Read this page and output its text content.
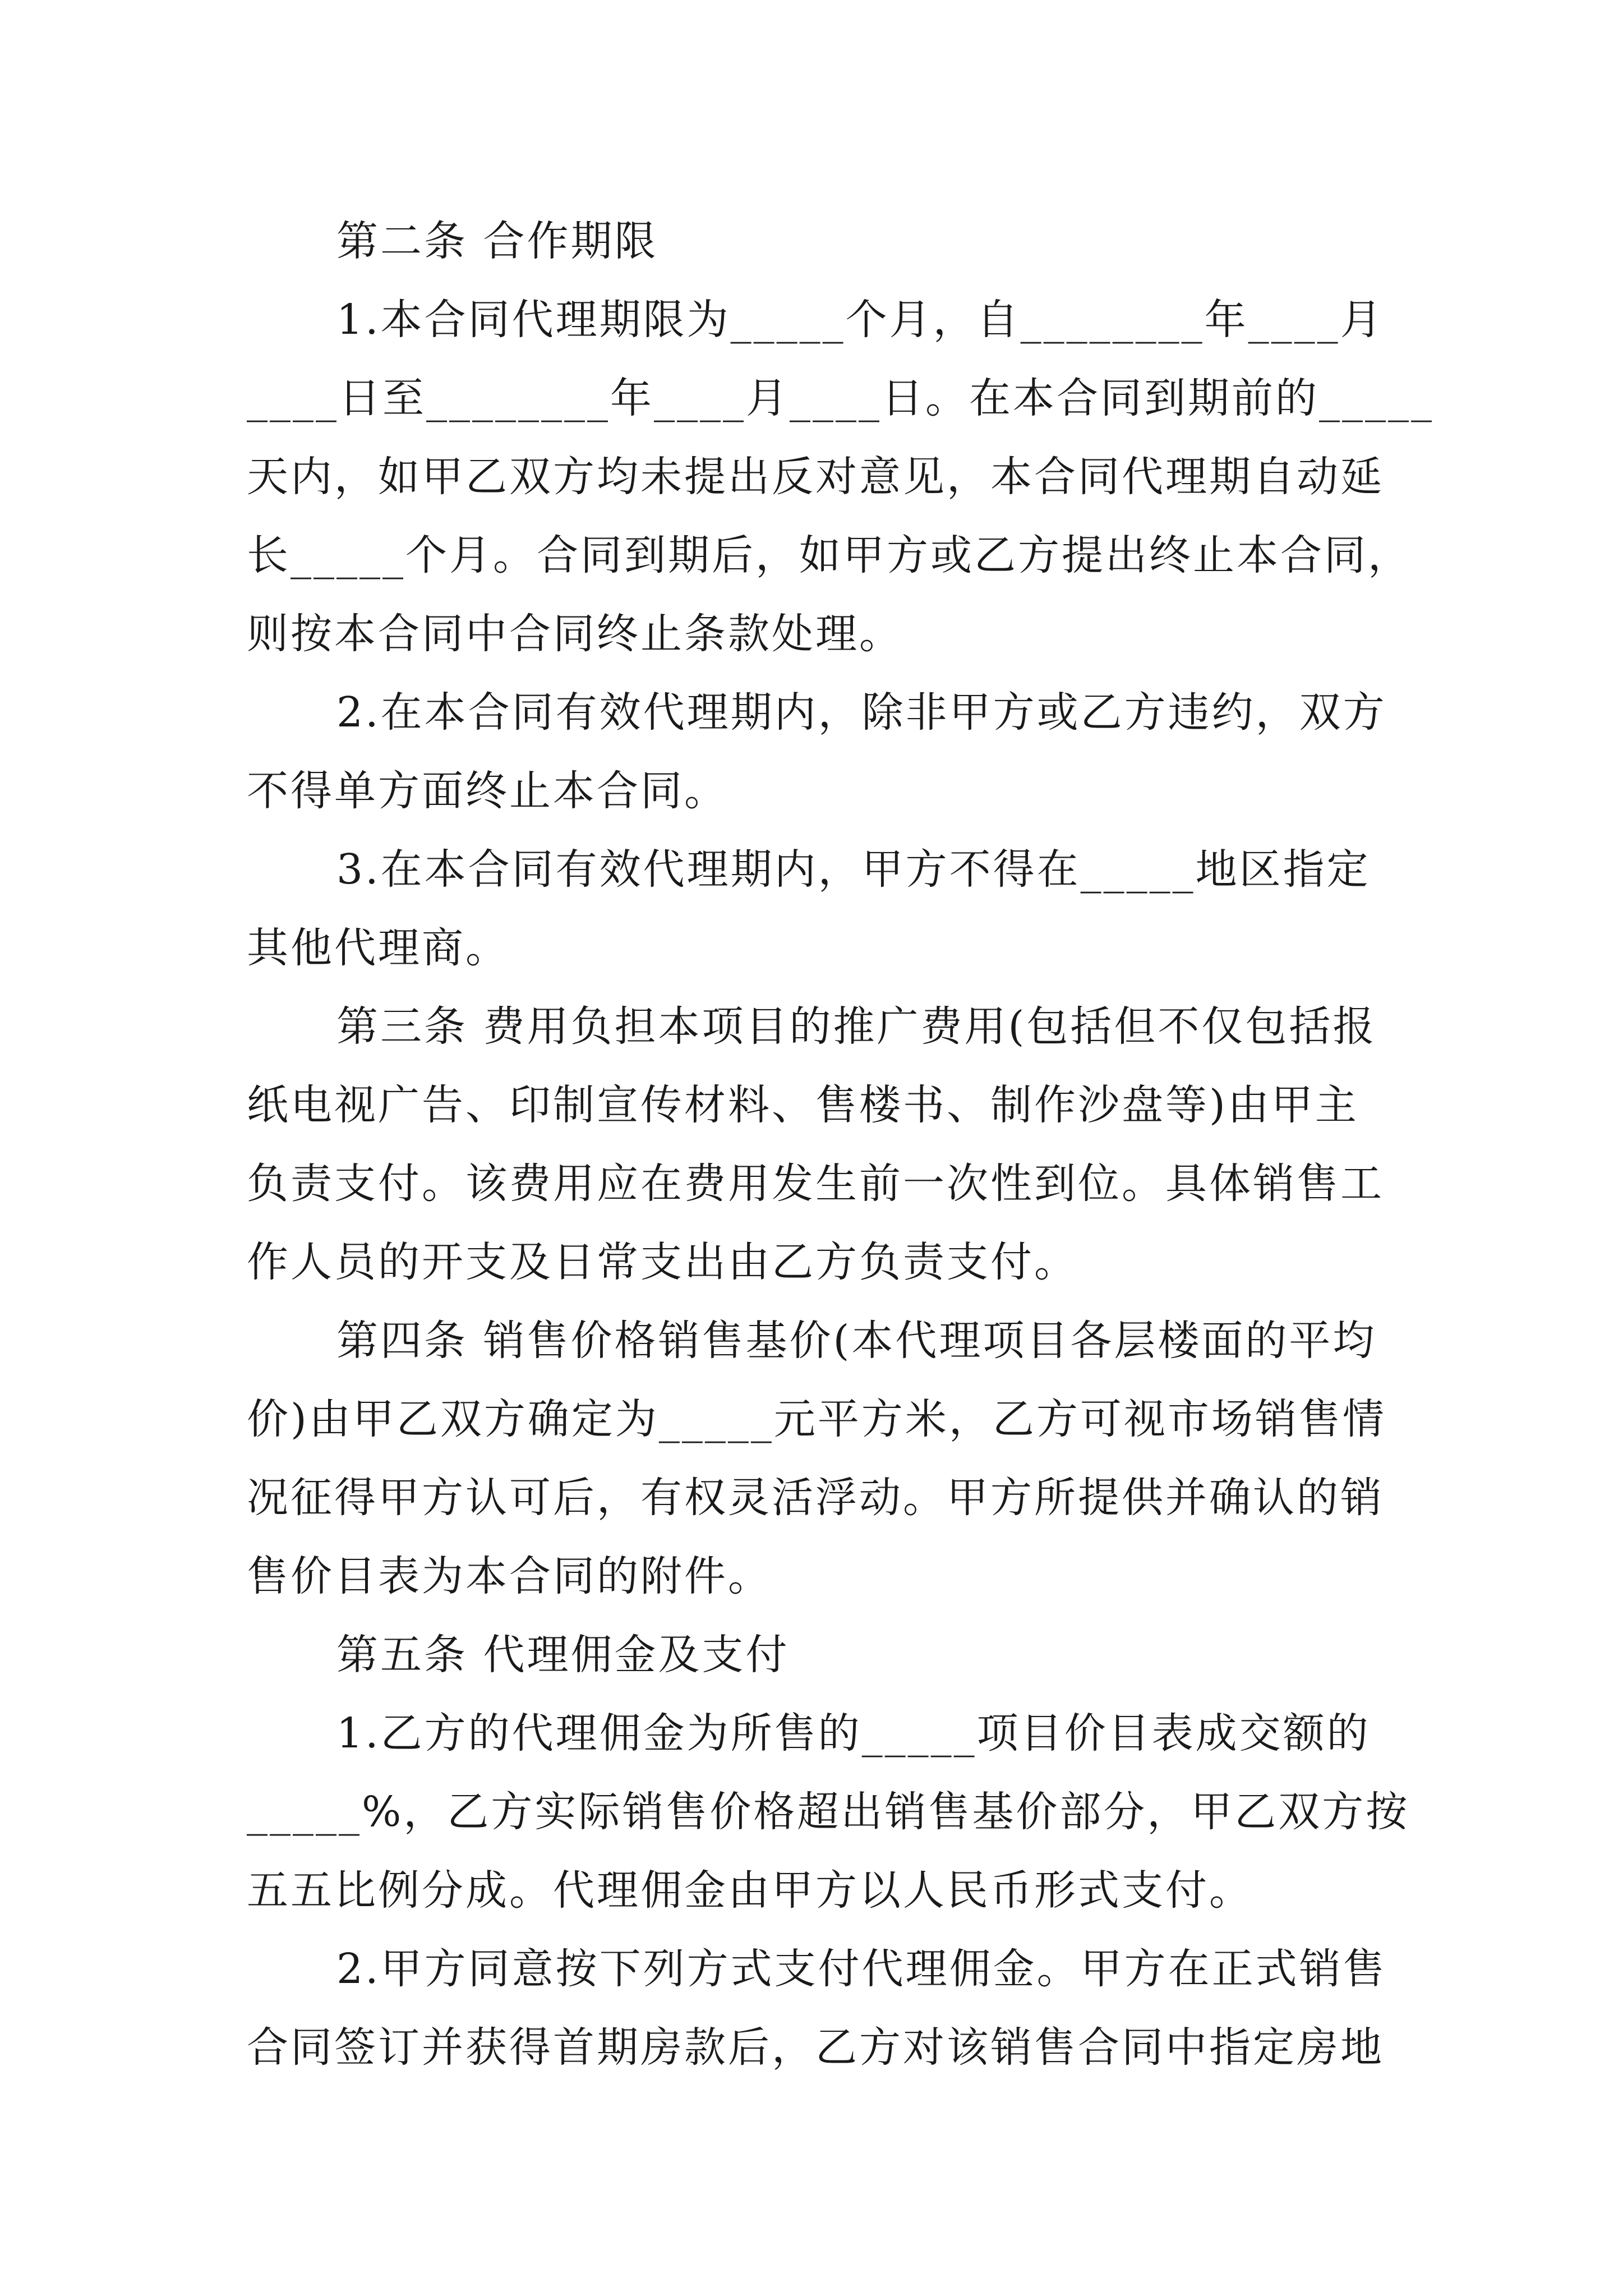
第二条 合作期限
1.本合同代理期限为_____个月，自________年____月
____日至________年____月____日。在本合同到期前的_____
天内，如甲乙双方均未提出反对意见，本合同代理期自动延
长_____个月。合同到期后，如甲方或乙方提出终止本合同，
则按本合同中合同终止条款处理。
2.在本合同有效代理期内，除非甲方或乙方违约，双方
不得单方面终止本合同。
3.在本合同有效代理期内，甲方不得在_____地区指定
其他代理商。
第三条 费用负担本项目的推广费用(包括但不仅包括报
纸电视广告、印制宣传材料、售楼书、制作沙盘等)由甲主
负责支付。该费用应在费用发生前一次性到位。具体销售工
作人员的开支及日常支出由乙方负责支付。
第四条 销售价格销售基价(本代理项目各层楼面的平均
价)由甲乙双方确定为_____元平方米，乙方可视市场销售情
况征得甲方认可后，有权灵活浮动。甲方所提供并确认的销
售价目表为本合同的附件。
第五条 代理佣金及支付
1.乙方的代理佣金为所售的_____项目价目表成交额的
_____%，乙方实际销售价格超出销售基价部分，甲乙双方按
五五比例分成。代理佣金由甲方以人民币形式支付。
2.甲方同意按下列方式支付代理佣金。甲方在正式销售
合同签订并获得首期房款后，乙方对该销售合同中指定房地
